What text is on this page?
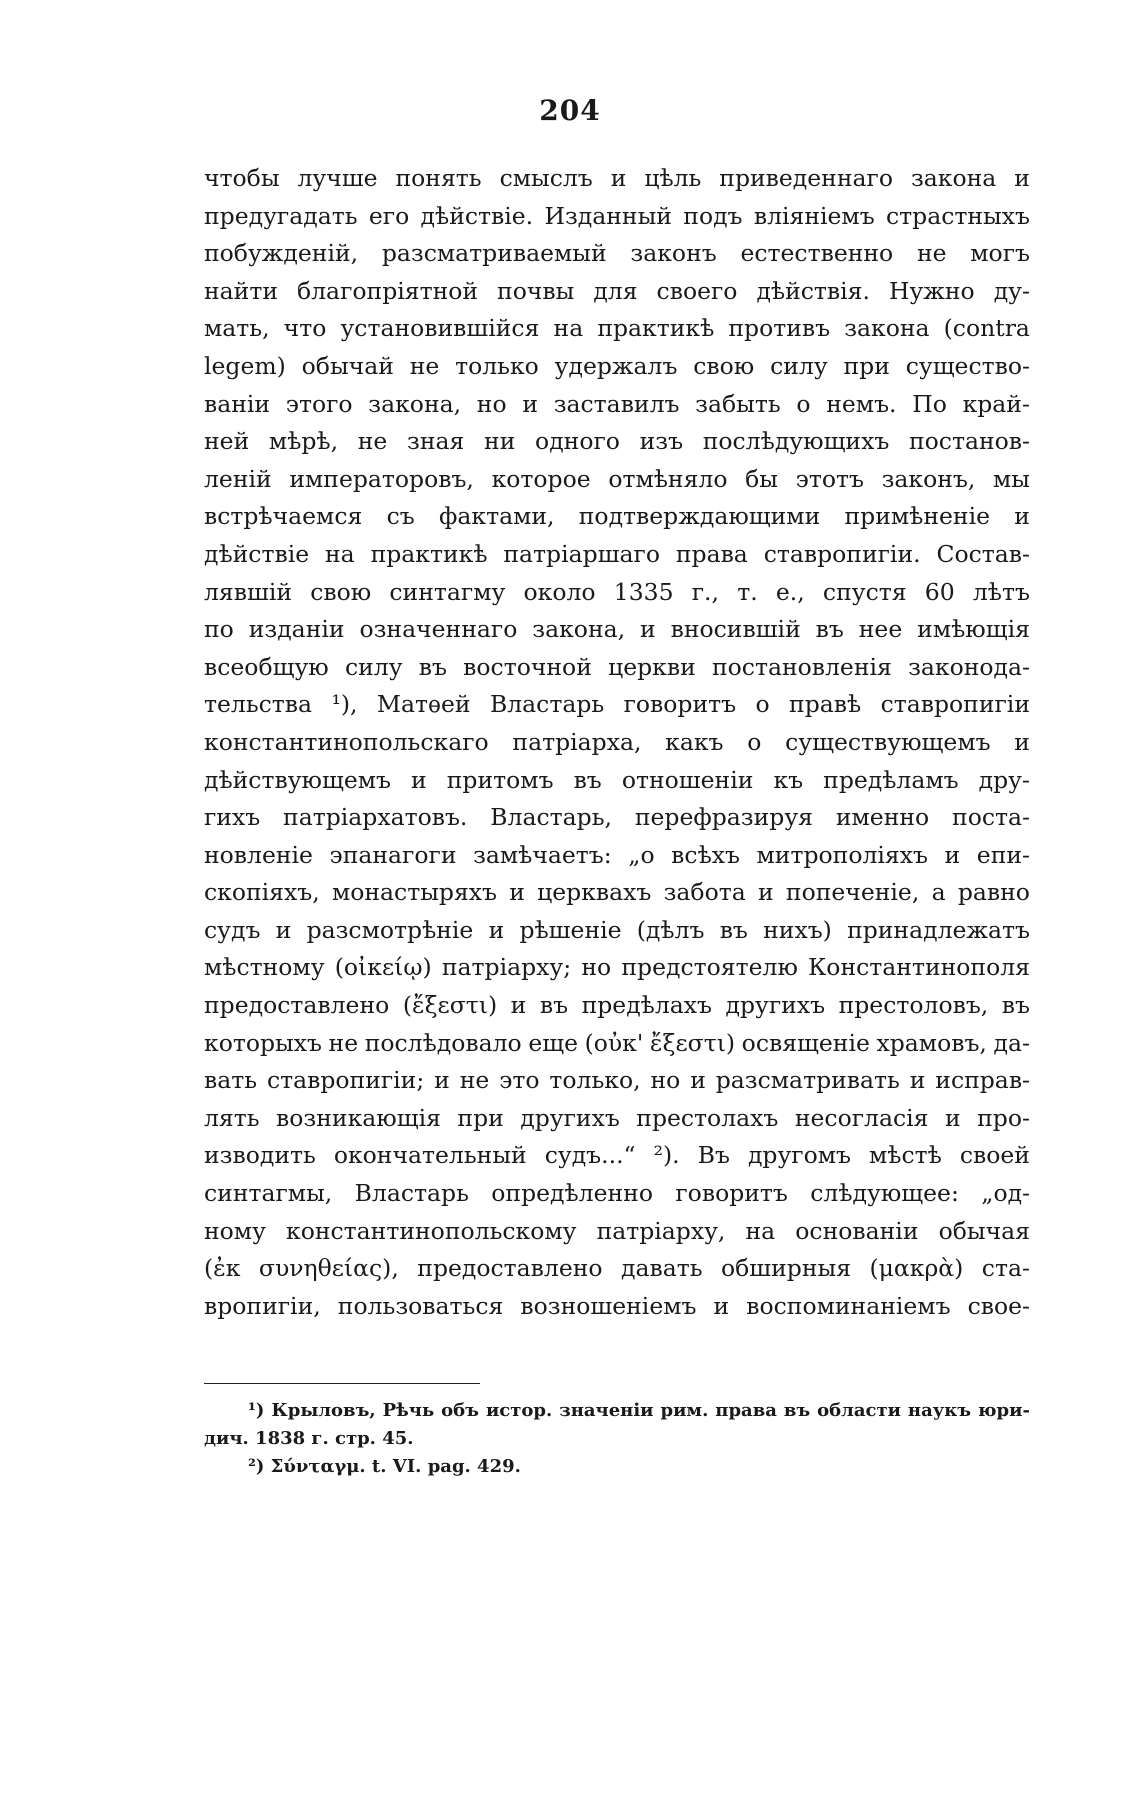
204
чтобы лучше понять смыслъ и цѣль приведеннаго закона и
предугадать его дѣйствіе. Изданный подъ вліяніемъ страстныхъ
побужденій, разсматриваемый законъ естественно не могъ
найти благопріятной почвы для своего дѣйствія. Нужно ду-
мать, что установившійся на практикѣ противъ закона (contra
legem) обычай не только удержалъ свою силу при существо-
ваніи этого закона, но и заставилъ забыть о немъ. По край-
ней мѣрѣ, не зная ни одного изъ послѣдующихъ постанов-
леній императоровъ, которое отмѣняло бы этотъ законъ, мы
встрѣчаемся съ фактами, подтверждающими примѣненіе и
дѣйствіе на практикѣ патріаршаго права ставропигіи. Состав-
лявшій свою синтагму около 1335 г., т. е., спустя 60 лѣтъ
по изданіи означеннаго закона, и вносившій въ нее имѣющія
всеобщую силу въ восточной церкви постановленія законода-
тельства ¹), Матѳей Властарь говоритъ о правѣ ставропигіи
константинопольскаго патріарха, какъ о существующемъ и
дѣйствующемъ и притомъ въ отношеніи къ предѣламъ дру-
гихъ патріархатовъ. Властарь, перефразируя именно поста-
новленіе эпанагоги замѣчаетъ: „о всѣхъ митрополіяхъ и епи-
скопіяхъ, монастыряхъ и церквахъ забота и попеченіе, а равно
судъ и разсмотрѣніе и рѣшеніе (дѣлъ въ нихъ) принадлежатъ
мѣстному (οἰκείῳ) патріарху; но предстоятелю Константинополя
предоставлено (ἔξεστι) и въ предѣлахъ другихъ престоловъ, въ
которыхъ не послѣдовало еще (οὐκ' ἔξεστι) освященіе храмовъ, да-
вать ставропигіи; и не это только, но и разсматривать и исправ-
лять возникающія при другихъ престолахъ несогласія и про-
изводить окончательный судъ...“ ²). Въ другомъ мѣстѣ своей
синтагмы, Властарь опредѣленно говоритъ слѣдующее: „од-
ному константинопольскому патріарху, на основаніи обычая
(ἐκ συνηθείας), предоставлено давать обширныя (μακρὰ) ста-
вропигіи, пользоваться возношеніемъ и воспоминаніемъ свое-
¹) Крыловъ, Рѣчь объ истор. значеніи рим. права въ области наукъ юри-
дич. 1838 г. стр. 45.
²) Σύνταγμ. t. VI. pag. 429.
